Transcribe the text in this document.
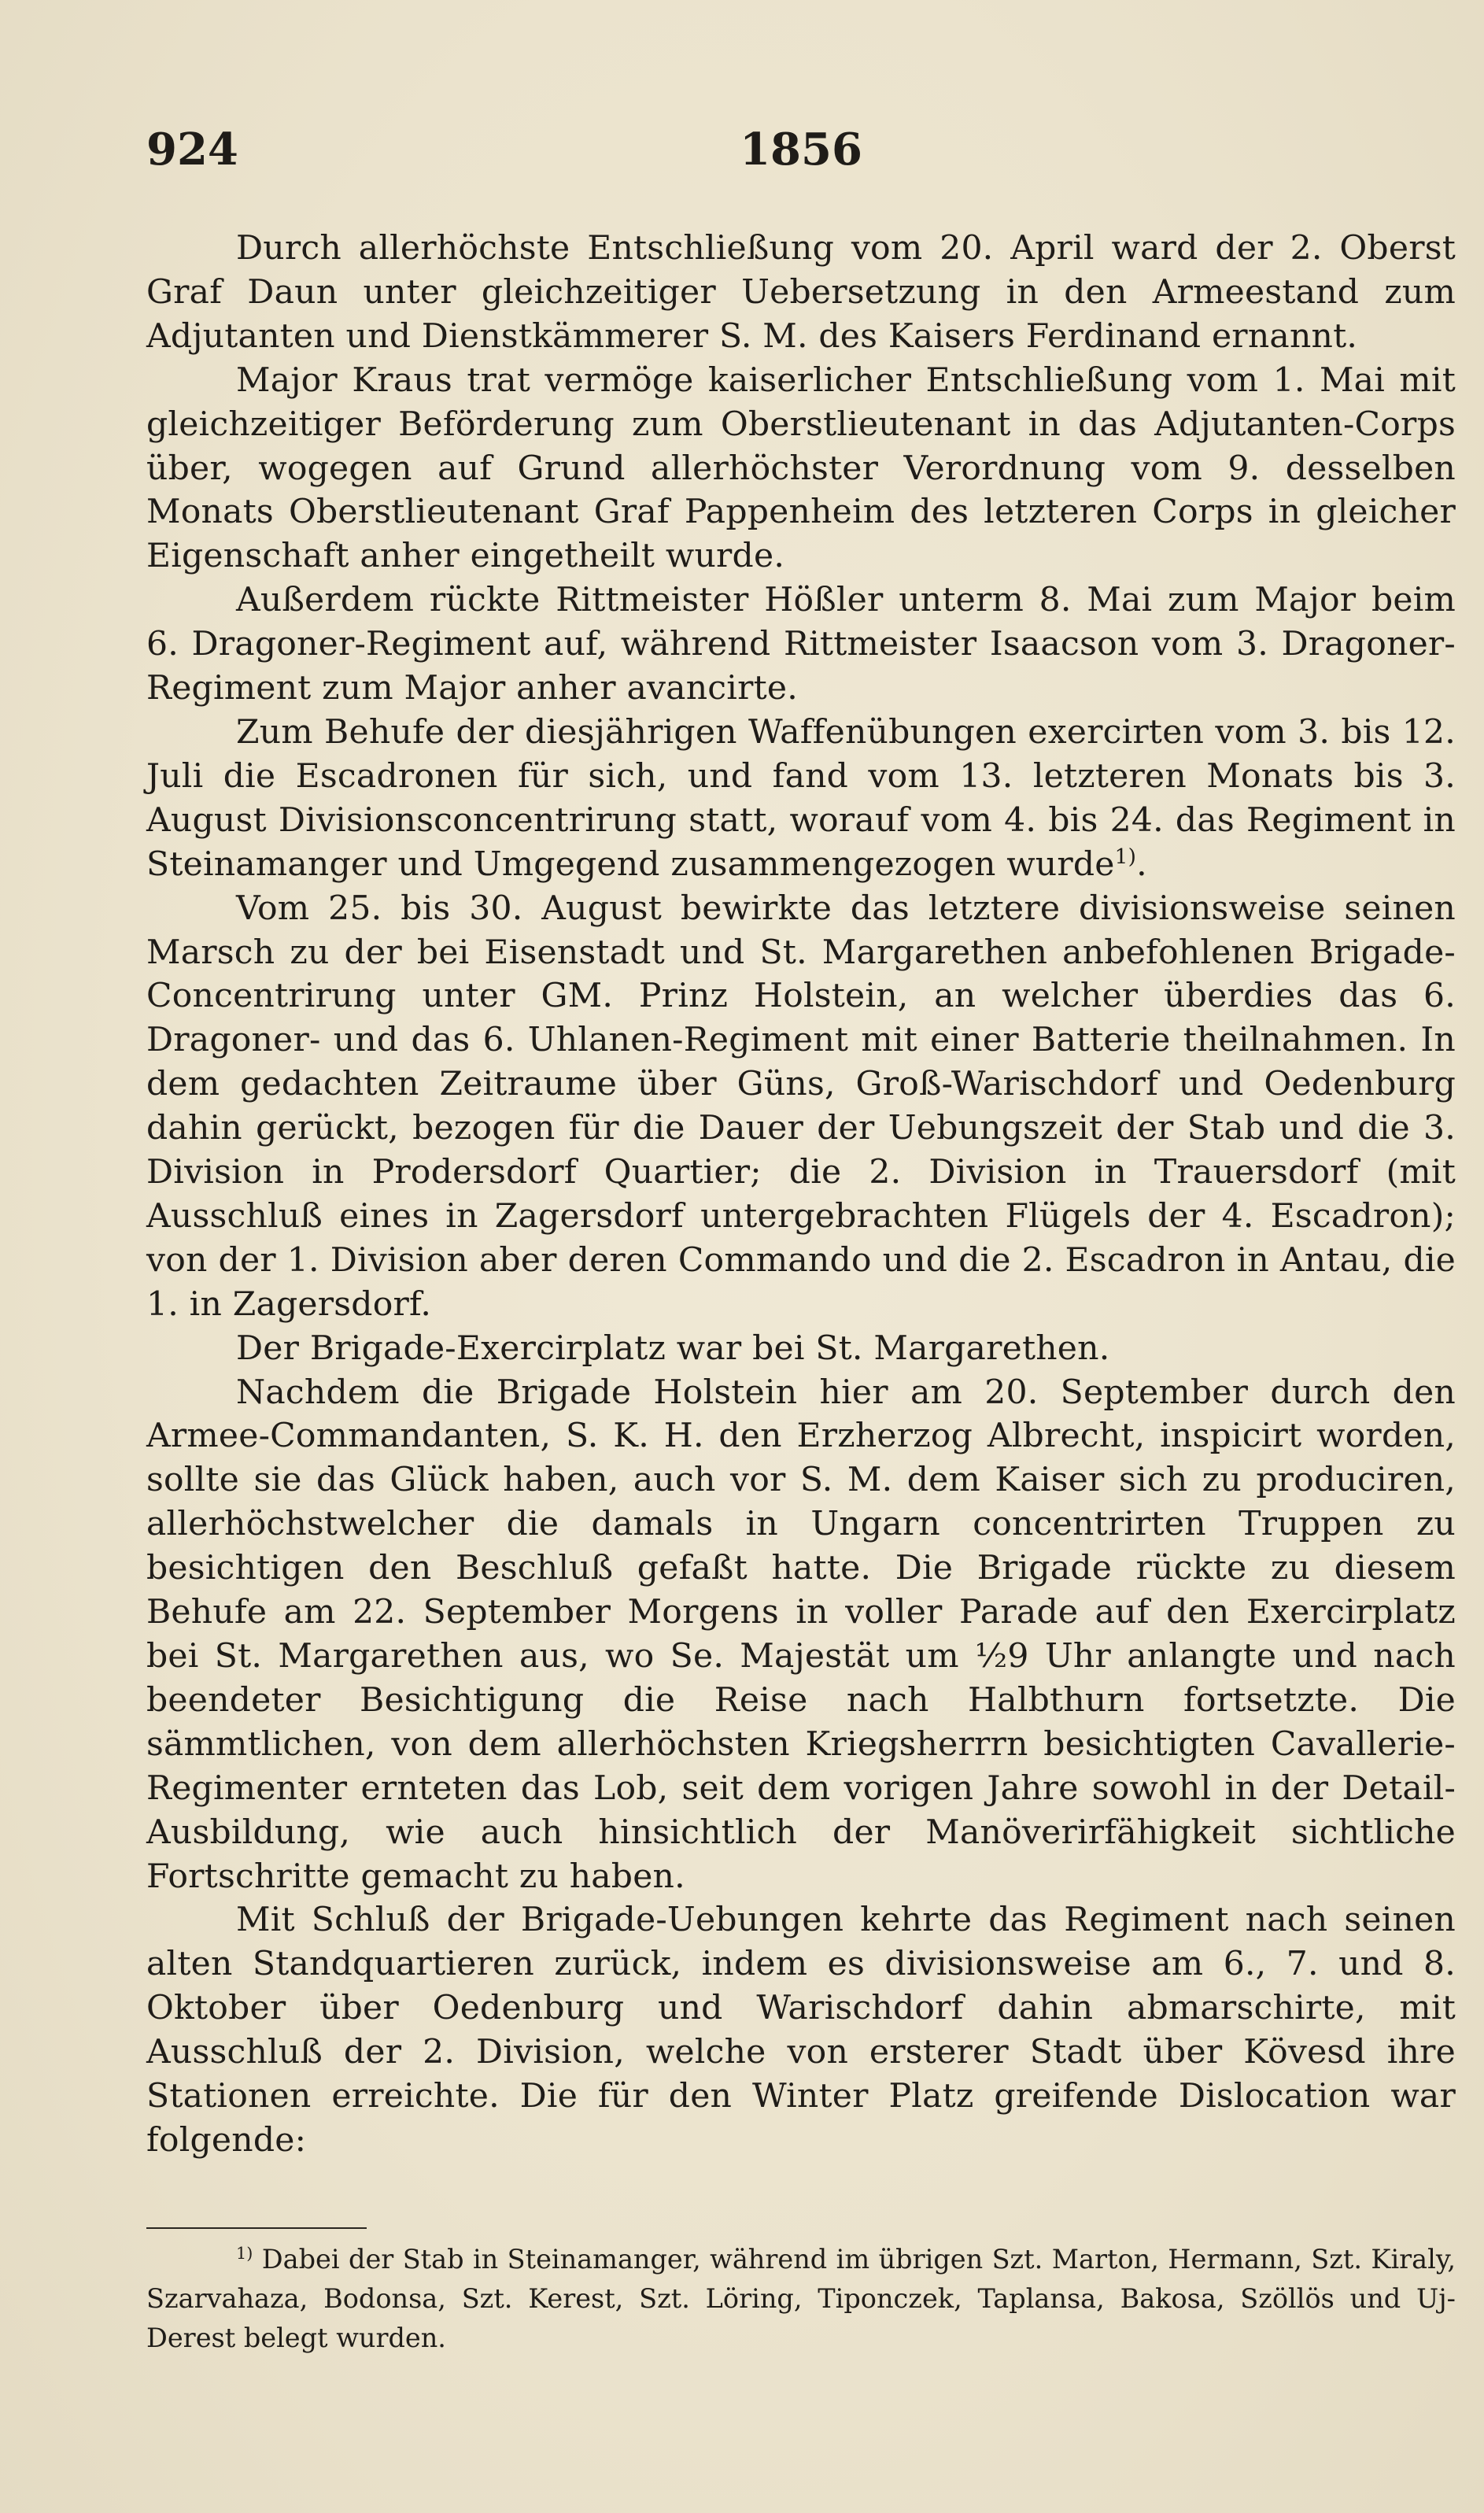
924	1856

Durch allerhöchste Entschließung vom 20. April ward der 2. Oberst Graf Daun unter gleichzeitiger Uebersetzung in den Armeestand zum Adjutanten und Dienstkämmerer S. M. des Kaisers Ferdinand ernannt.

Major Kraus trat vermöge kaiserlicher Entschließung vom 1. Mai mit gleichzeitiger Beförderung zum Oberstlieutenant in das Adjutanten-Corps über, wogegen auf Grund allerhöchster Verordnung vom 9. desselben Monats Oberstlieutenant Graf Pappenheim des letzteren Corps in gleicher Eigenschaft anher eingetheilt wurde.

Außerdem rückte Rittmeister Hößler unterm 8. Mai zum Major beim 6. Dragoner-Regiment auf, während Rittmeister Isaacson vom 3. Dragoner-Regiment zum Major anher avancirte.

Zum Behufe der diesjährigen Waffenübungen exercirten vom 3. bis 12. Juli die Escadronen für sich, und fand vom 13. letzteren Monats bis 3. August Divisionsconcentrirung statt, worauf vom 4. bis 24. das Regiment in Steinamanger und Umgegend zusammengezogen wurde$^{1)}$.

Vom 25. bis 30. August bewirkte das letztere divisionsweise seinen Marsch zu der bei Eisenstadt und St. Margarethen anbefohlenen Brigade-Concentrirung unter GM. Prinz Holstein, an welcher überdies das 6. Dragoner- und das 6. Uhlanen-Regiment mit einer Batterie theilnahmen. In dem gedachten Zeitraume über Güns, Groß-Warischdorf und Oedenburg dahin gerückt, bezogen für die Dauer der Uebungszeit der Stab und die 3. Division in Prodersdorf Quartier; die 2. Division in Trauersdorf (mit Ausschluß eines in Zagersdorf untergebrachten Flügels der 4. Escadron); von der 1. Division aber deren Commando und die 2. Escadron in Antau, die 1. in Zagersdorf.

Der Brigade-Exercirplatz war bei St. Margarethen.

Nachdem die Brigade Holstein hier am 20. September durch den Armee-Commandanten, S. K. H. den Erzherzog Albrecht, inspicirt worden, sollte sie das Glück haben, auch vor S. M. dem Kaiser sich zu produciren, allerhöchstwelcher die damals in Ungarn concentrirten Truppen zu besichtigen den Beschluß gefaßt hatte. Die Brigade rückte zu diesem Behufe am 22. September Morgens in voller Parade auf den Exercirplatz bei St. Margarethen aus, wo Se. Majestät um ½9 Uhr anlangte und nach beendeter Besichtigung die Reise nach Halbthurn fortsetzte. Die sämmtlichen, von dem allerhöchsten Kriegsherrrn besichtigten Cavallerie-Regimenter ernteten das Lob, seit dem vorigen Jahre sowohl in der Detail-Ausbildung, wie auch hinsichtlich der Manöverirfähigkeit sichtliche Fortschritte gemacht zu haben.

Mit Schluß der Brigade-Uebungen kehrte das Regiment nach seinen alten Standquartieren zurück, indem es divisionsweise am 6., 7. und 8. Oktober über Oedenburg und Warischdorf dahin abmarschirte, mit Ausschluß der 2. Division, welche von ersterer Stadt über Kövesd ihre Stationen erreichte. Die für den Winter Platz greifende Dislocation war folgende:

$^{1)}$ Dabei der Stab in Steinamanger, während im übrigen Szt. Marton, Hermann, Szt. Kiraly, Szarvahaza, Bodonsa, Szt. Kerest, Szt. Löring, Tiponczek, Taplansa, Bakosa, Szöllös und Uj-Derest belegt wurden.
